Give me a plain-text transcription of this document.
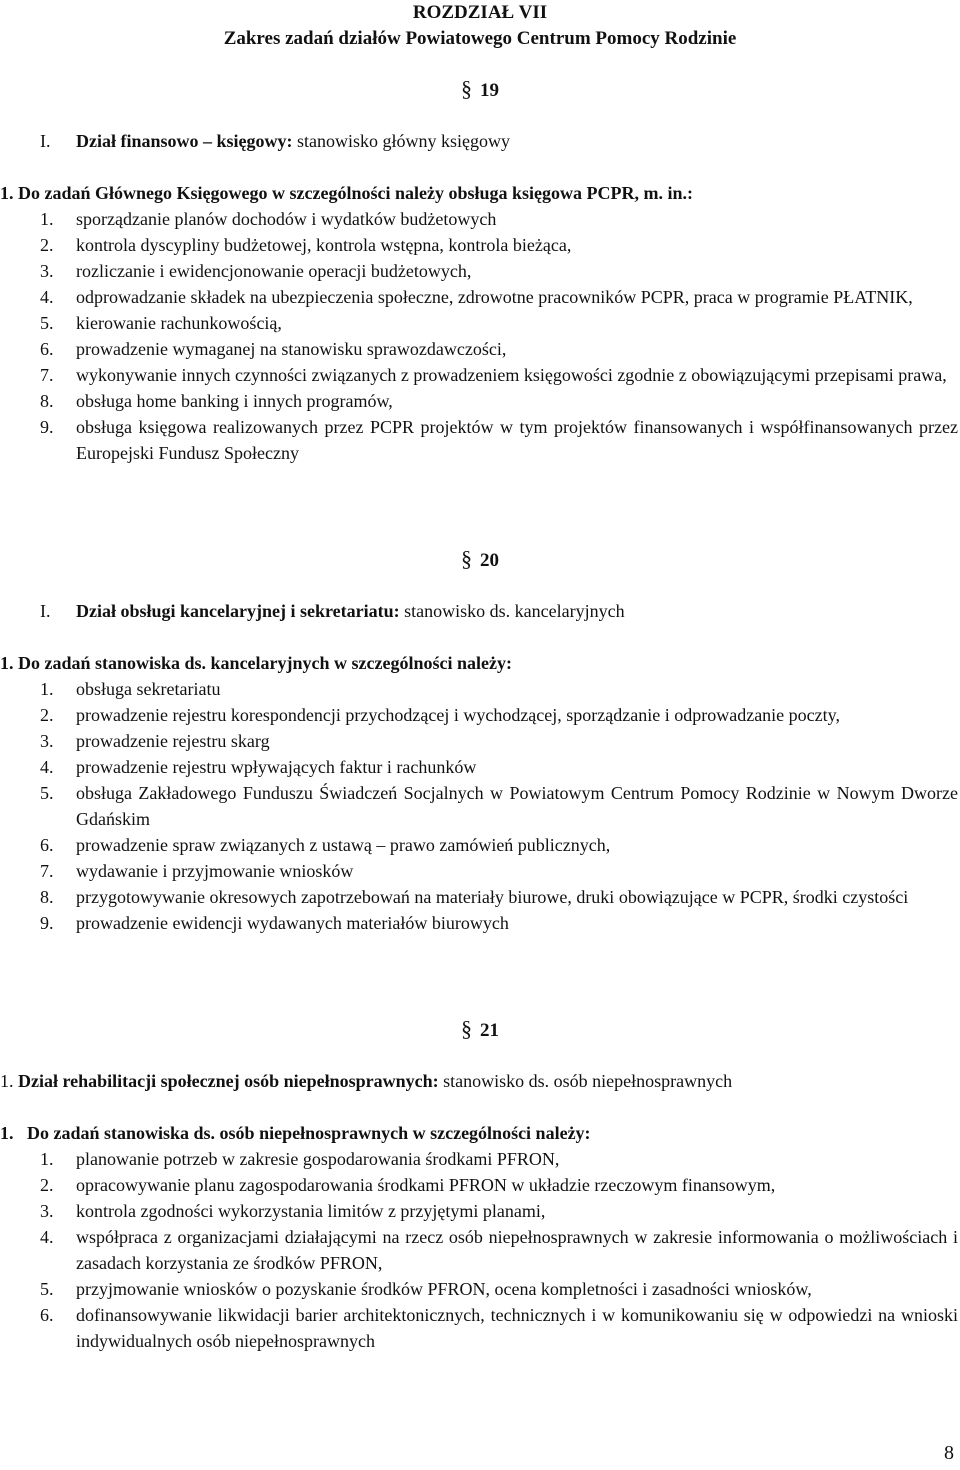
ROZDZIAŁ VII
Zakres zadań działów Powiatowego Centrum Pomocy Rodzinie
§ 19
I. Dział finansowo – księgowy: stanowisko główny księgowy
1. Do zadań Głównego Księgowego w szczególności należy obsługa księgowa PCPR, m. in.:
1. sporządzanie planów dochodów i wydatków budżetowych
2. kontrola dyscypliny budżetowej, kontrola wstępna, kontrola bieżąca,
3. rozliczanie i ewidencjonowanie operacji budżetowych,
4. odprowadzanie składek na ubezpieczenia społeczne, zdrowotne pracowników PCPR, praca w programie PŁATNIK,
5. kierowanie rachunkowością,
6. prowadzenie wymaganej na stanowisku sprawozdawczości,
7. wykonywanie innych czynności związanych z prowadzeniem księgowości zgodnie z obowiązującymi przepisami prawa,
8. obsługa home banking i innych programów,
9. obsługa księgowa realizowanych przez PCPR projektów w tym projektów finansowanych i współfinansowanych przez Europejski Fundusz Społeczny
§ 20
I. Dział obsługi kancelaryjnej i sekretariatu: stanowisko ds. kancelaryjnych
1. Do zadań stanowiska ds. kancelaryjnych w szczególności należy:
1. obsługa sekretariatu
2. prowadzenie rejestru korespondencji przychodzącej i wychodzącej, sporządzanie i odprowadzanie poczty,
3. prowadzenie rejestru skarg
4. prowadzenie rejestru wpływających faktur i rachunków
5. obsługa Zakładowego Funduszu Świadczeń Socjalnych w Powiatowym Centrum Pomocy Rodzinie w Nowym Dworze Gdańskim
6. prowadzenie spraw związanych z ustawą – prawo zamówień publicznych,
7. wydawanie i przyjmowanie wniosków
8. przygotowywanie okresowych zapotrzebowań na materiały biurowe, druki obowiązujące w PCPR, środki czystości
9. prowadzenie ewidencji wydawanych materiałów biurowych
§ 21
1. Dział rehabilitacji społecznej osób niepełnosprawnych: stanowisko ds. osób niepełnosprawnych
1.   Do zadań stanowiska ds. osób niepełnosprawnych w szczególności należy:
1. planowanie potrzeb w zakresie gospodarowania środkami PFRON,
2. opracowywanie planu zagospodarowania środkami PFRON w układzie rzeczowym finansowym,
3. kontrola zgodności wykorzystania limitów z przyjętymi planami,
4. współpraca z organizacjami działającymi na rzecz osób niepełnosprawnych w zakresie informowania o możliwościach i zasadach korzystania ze środków PFRON,
5. przyjmowanie wniosków o pozyskanie środków PFRON, ocena kompletności i zasadności wniosków,
6. dofinansowywanie likwidacji barier architektonicznych, technicznych i w komunikowaniu się w odpowiedzi na wnioski indywidualnych osób niepełnosprawnych
8
